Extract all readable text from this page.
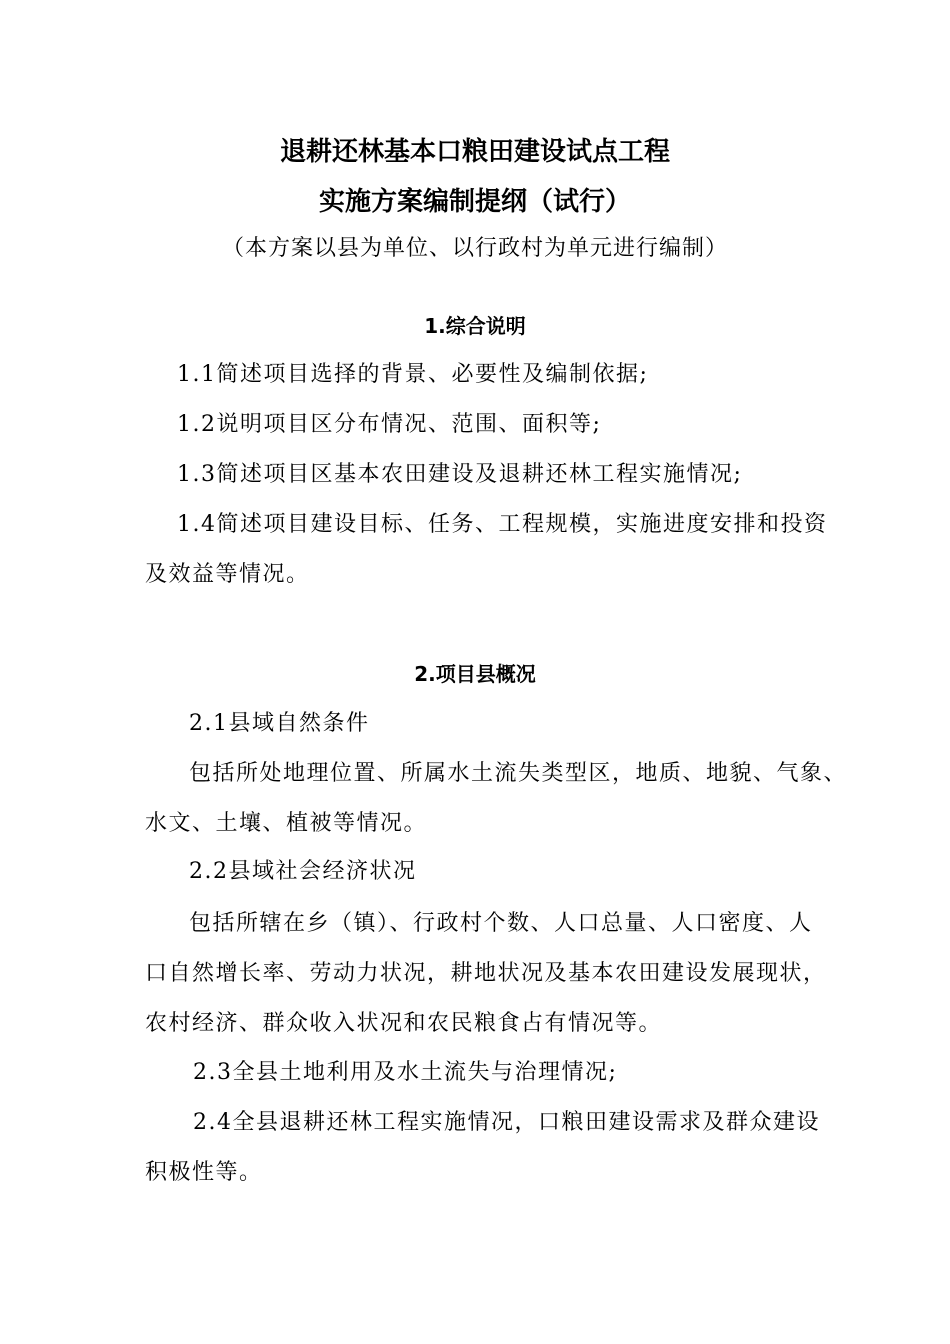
退耕还林基本口粮田建设试点工程
实施方案编制提纲（试行）
（本方案以县为单位、以行政村为单元进行编制）
1.综合说明
1.1简述项目选择的背景、必要性及编制依据;
1.2说明项目区分布情况、范围、面积等;
1.3简述项目区基本农田建设及退耕还林工程实施情况;
1.4简述项目建设目标、任务、工程规模，实施进度安排和投资
及效益等情况。
2.项目县概况
2.1县域自然条件
包括所处地理位置、所属水土流失类型区，地质、地貌、气象、
水文、土壤、植被等情况。
2.2县域社会经济状况
包括所辖在乡（镇）、行政村个数、人口总量、人口密度、人
口自然增长率、劳动力状况，耕地状况及基本农田建设发展现状，
农村经济、群众收入状况和农民粮食占有情况等。
2.3全县土地利用及水土流失与治理情况;
2.4全县退耕还林工程实施情况，口粮田建设需求及群众建设
积极性等。
